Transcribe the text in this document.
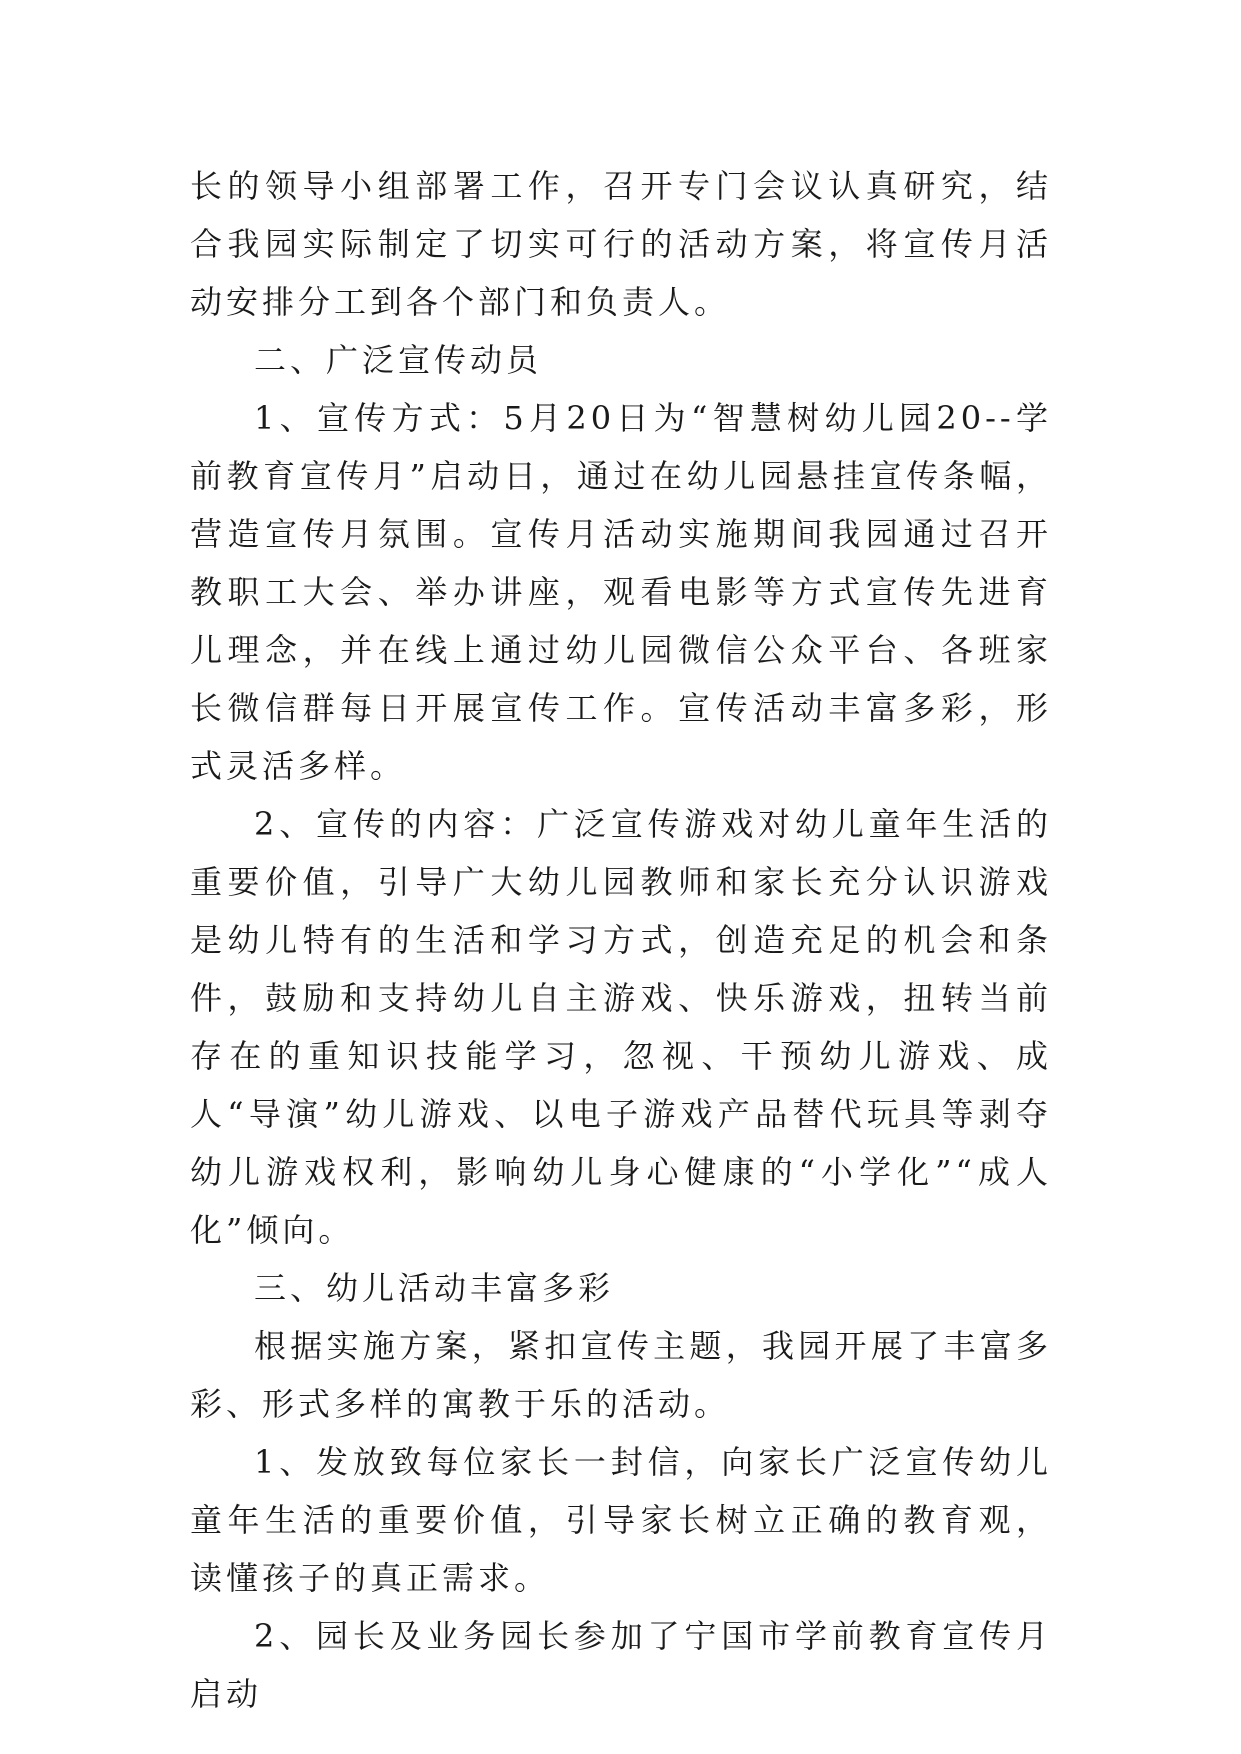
长的领导小组部署工作，召开专门会议认真研究，结合我园实际制定了切实可行的活动方案，将宣传月活动安排分工到各个部门和负责人。

二、广泛宣传动员

1、宣传方式：5月20日为“智慧树幼儿园20--学前教育宣传月”启动日，通过在幼儿园悬挂宣传条幅，营造宣传月氛围。宣传月活动实施期间我园通过召开教职工大会、举办讲座，观看电影等方式宣传先进育儿理念，并在线上通过幼儿园微信公众平台、各班家长微信群每日开展宣传工作。宣传活动丰富多彩，形式灵活多样。

2、宣传的内容：广泛宣传游戏对幼儿童年生活的重要价值，引导广大幼儿园教师和家长充分认识游戏是幼儿特有的生活和学习方式，创造充足的机会和条件，鼓励和支持幼儿自主游戏、快乐游戏，扭转当前存在的重知识技能学习，忽视、干预幼儿游戏、成人“导演”幼儿游戏、以电子游戏产品替代玩具等剥夺幼儿游戏权利，影响幼儿身心健康的“小学化”“成人化”倾向。

三、幼儿活动丰富多彩

根据实施方案，紧扣宣传主题，我园开展了丰富多彩、形式多样的寓教于乐的活动。

1、发放致每位家长一封信，向家长广泛宣传幼儿童年生活的重要价值，引导家长树立正确的教育观，读懂孩子的真正需求。

2、园长及业务园长参加了宁国市学前教育宣传月启动
